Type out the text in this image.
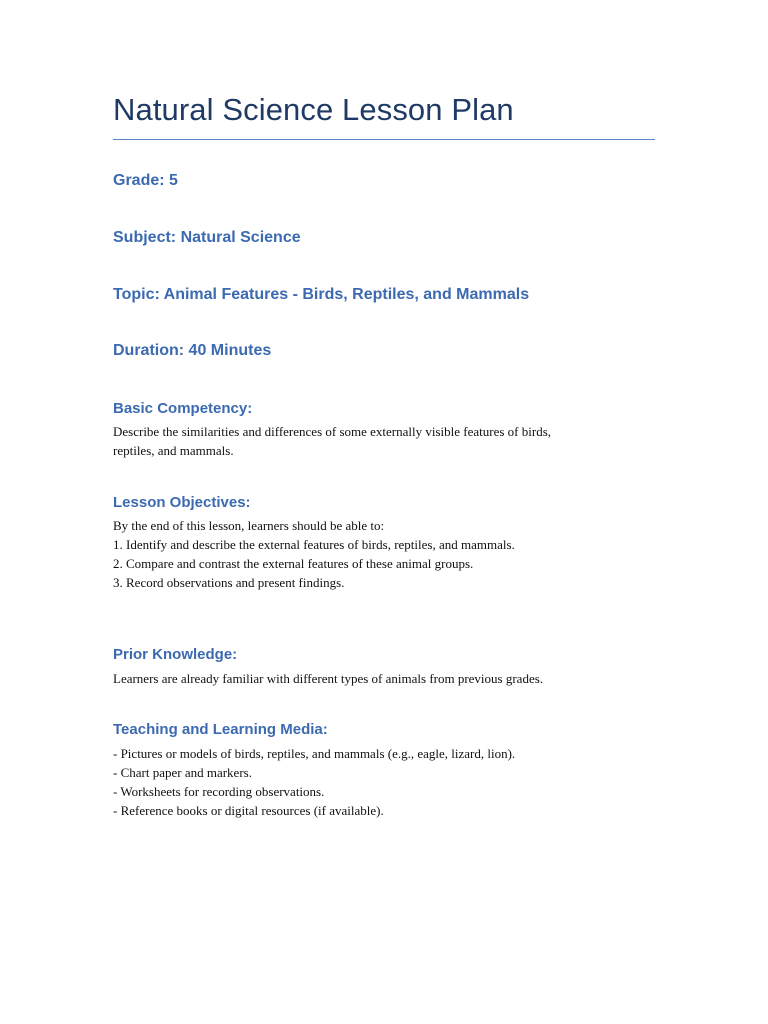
Natural Science Lesson Plan
Grade: 5
Subject: Natural Science
Topic: Animal Features - Birds, Reptiles, and Mammals
Duration: 40 Minutes
Basic Competency:
Describe the similarities and differences of some externally visible features of birds,
reptiles, and mammals.
Lesson Objectives:
By the end of this lesson, learners should be able to:
1. Identify and describe the external features of birds, reptiles, and mammals.
2. Compare and contrast the external features of these animal groups.
3. Record observations and present findings.
Prior Knowledge:
Learners are already familiar with different types of animals from previous grades.
Teaching and Learning Media:
- Pictures or models of birds, reptiles, and mammals (e.g., eagle, lizard, lion).
- Chart paper and markers.
- Worksheets for recording observations.
- Reference books or digital resources (if available).
